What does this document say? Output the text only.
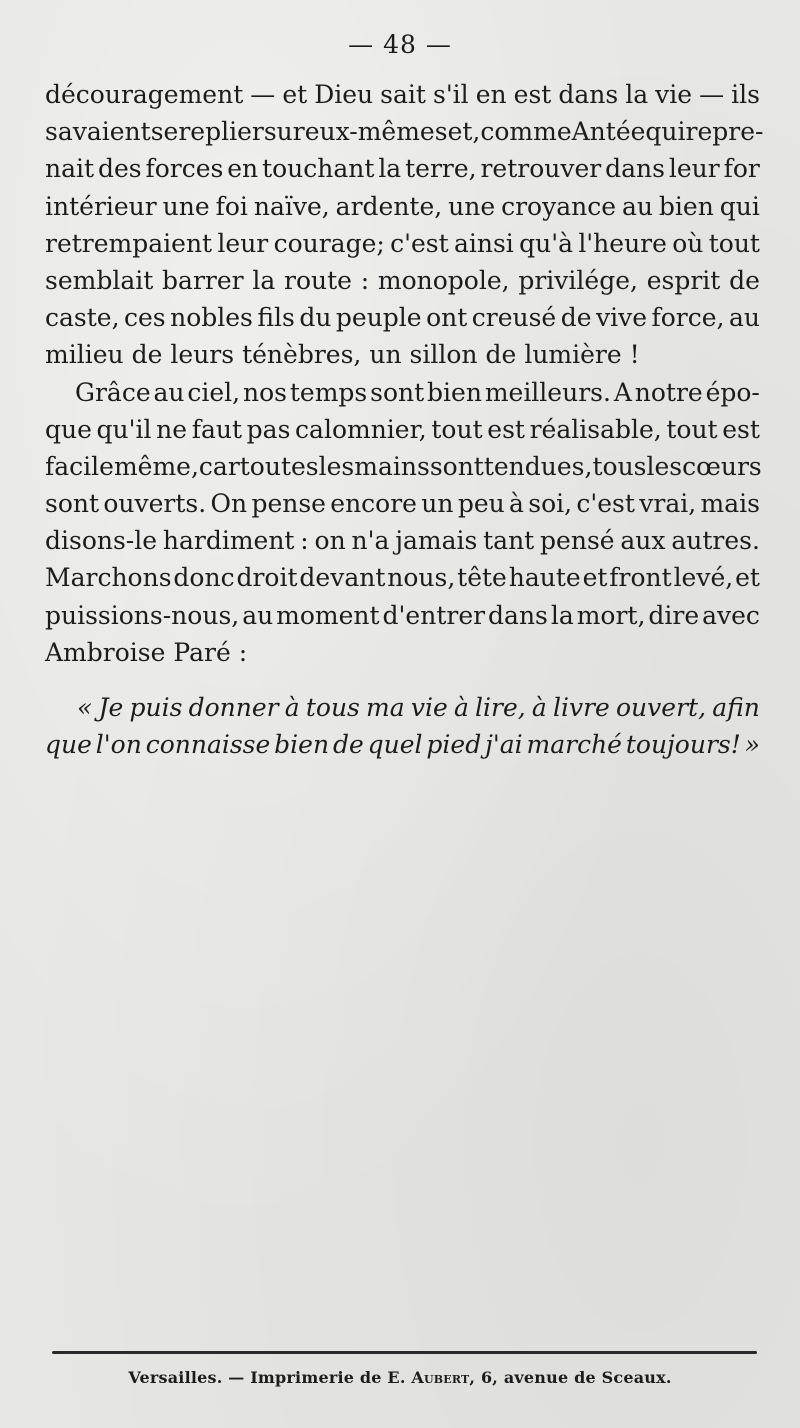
— 48 —
découragement — et Dieu sait s'il en est dans la vie — ils
savaient se replier sur eux-mêmes et, comme Antée qui repre-
nait des forces en touchant la terre, retrouver dans leur for
intérieur une foi naïve, ardente, une croyance au bien qui
retrempaient leur courage; c'est ainsi qu'à l'heure où tout
semblait barrer la route : monopole, privilége, esprit de
caste, ces nobles fils du peuple ont creusé de vive force, au
milieu de leurs ténèbres, un sillon de lumière !
Grâce au ciel, nos temps sont bien meilleurs. A notre épo-
que qu'il ne faut pas calomnier, tout est réalisable, tout est
facile même, car toutes les mains sont tendues, tous les cœurs
sont ouverts. On pense encore un peu à soi, c'est vrai, mais
disons-le hardiment : on n'a jamais tant pensé aux autres.
Marchons donc droit devant nous, tête haute et front levé, et
puissions-nous, au moment d'entrer dans la mort, dire avec
Ambroise Paré :
« Je puis donner à tous ma vie à lire, à livre ouvert, afin
que l'on connaisse bien de quel pied j'ai marché toujours! »
Versailles. — Imprimerie de E. Aubert, 6, avenue de Sceaux.
